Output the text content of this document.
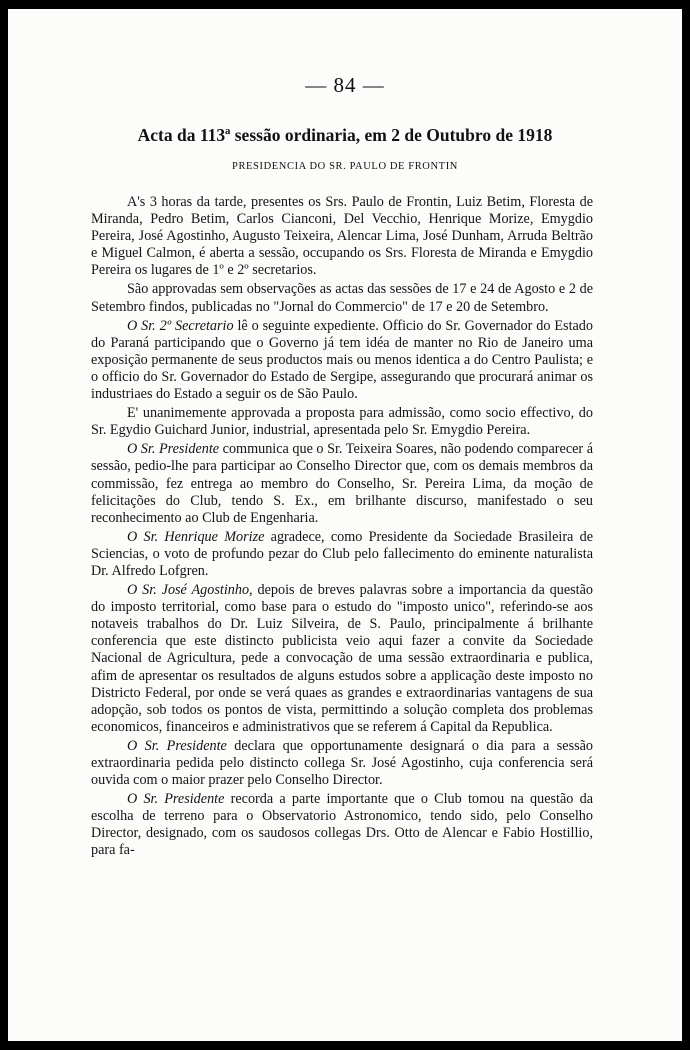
— 84 —
Acta da 113ª sessão ordinaria, em 2 de Outubro de 1918
PRESIDENCIA DO SR. PAULO DE FRONTIN

A's 3 horas da tarde, presentes os Srs. Paulo de Frontin, Luiz Betim, Floresta de Miranda, Pedro Betim, Carlos Cianconi, Del Vecchio, Henrique Morize, Emygdio Pereira, José Agostinho, Augusto Teixeira, Alencar Lima, José Dunham, Arruda Beltrão e Miguel Calmon, é aberta a sessão, occupando os Srs. Floresta de Miranda e Emygdio Pereira os lugares de 1º e 2º secretarios.

São approvadas sem observações as actas das sessões de 17 e 24 de Agosto e 2 de Setembro findos, publicadas no "Jornal do Commercio" de 17 e 20 de Setembro.

O Sr. 2º Secretario lê o seguinte expediente. Officio do Sr. Governador do Estado do Paraná participando que o Governo já tem idéa de manter no Rio de Janeiro uma exposição permanente de seus productos mais ou menos identica a do Centro Paulista; e o officio do Sr. Governador do Estado de Sergipe, assegurando que procurará animar os industriaes do Estado a seguir os de São Paulo.

E' unanimemente approvada a proposta para admissão, como socio effectivo, do Sr. Egydio Guichard Junior, industrial, apresentada pelo Sr. Emygdio Pereira.

O Sr. Presidente communica que o Sr. Teixeira Soares, não podendo comparecer á sessão, pedio-lhe para participar ao Conselho Director que, com os demais membros da commissão, fez entrega ao membro do Conselho, Sr. Pereira Lima, da moção de felicitações do Club, tendo S. Ex., em brilhante discurso, manifestado o seu reconhecimento ao Club de Engenharia.

O Sr. Henrique Morize agradece, como Presidente da Sociedade Brasileira de Sciencias, o voto de profundo pezar do Club pelo fallecimento do eminente naturalista Dr. Alfredo Lofgren.

O Sr. José Agostinho, depois de breves palavras sobre a importancia da questão do imposto territorial, como base para o estudo do "imposto unico", referindo-se aos notaveis trabalhos do Dr. Luiz Silveira, de S. Paulo, principalmente á brilhante conferencia que este distincto publicista veio aqui fazer a convite da Sociedade Nacional de Agricultura, pede a convocação de uma sessão extraordinaria e publica, afim de apresentar os resultados de alguns estudos sobre a applicação deste imposto no Districto Federal, por onde se verá quaes as grandes e extraordinarias vantagens de sua adopção, sob todos os pontos de vista, permittindo a solução completa dos problemas economicos, financeiros e administrativos que se referem á Capital da Republica.

O Sr. Presidente declara que opportunamente designará o dia para a sessão extraordinaria pedida pelo distincto collega Sr. José Agostinho, cuja conferencia será ouvida com o maior prazer pelo Conselho Director.

O Sr. Presidente recorda a parte importante que o Club tomou na questão da escolha de terreno para o Observatorio Astronomico, tendo sido, pelo Conselho Director, designado, com os saudosos collegas Drs. Otto de Alencar e Fabio Hostillio, para fa-
